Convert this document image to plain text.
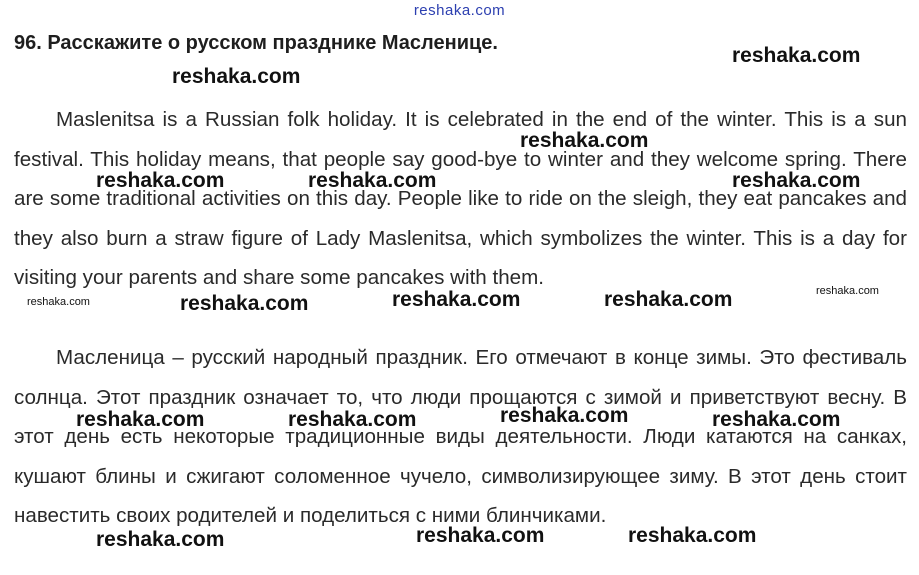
reshaka.com
96. Расскажите о русском празднике Масленице.

Maslenitsa is a Russian folk holiday. It is celebrated in the end of the winter. This is a sun festival. This holiday means, that people say good-bye to winter and they welcome spring. There are some traditional activities on this day. People like to ride on the sleigh, they eat pancakes and they also burn a straw figure of Lady Maslenitsa, which symbolizes the winter. This is a day for visiting your parents and share some pancakes with them.

Масленица – русский народный праздник. Его отмечают в конце зимы. Это фестиваль солнца. Этот праздник означает то, что люди прощаются с зимой и приветствуют весну. В этот день есть некоторые традиционные виды деятельности. Люди катаются на санках, кушают блины и сжигают соломенное чучело, символизирующее зиму. В этот день стоит навестить своих родителей и поделиться с ними блинчиками.

reshaka.com
reshaka.com
reshaka.com
reshaka.com	reshaka.com	reshaka.com
reshaka.com	reshaka.com	reshaka.com	reshaka.com	reshaka.com
reshaka.com	reshaka.com	reshaka.com	reshaka.com
reshaka.com	reshaka.com	reshaka.com
